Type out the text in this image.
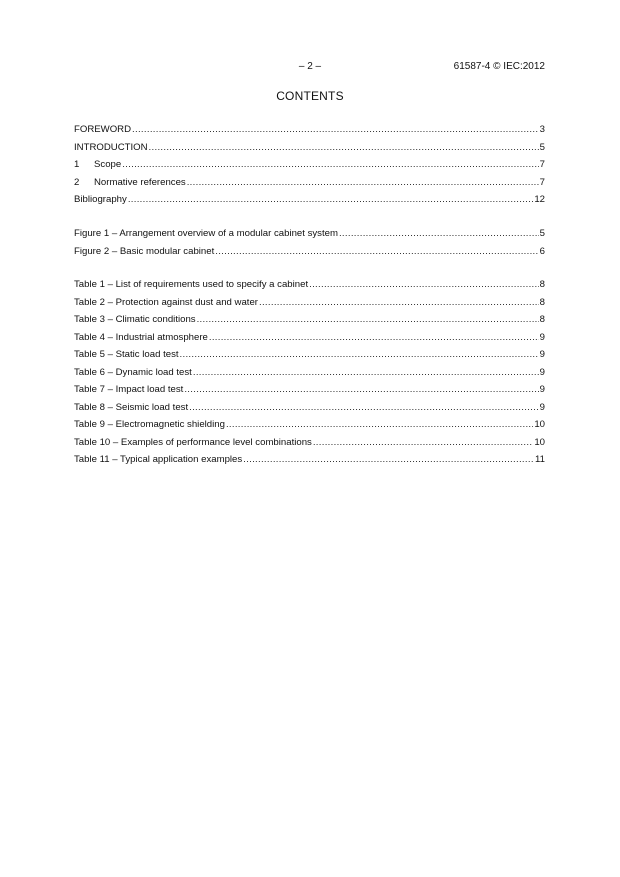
– 2 –	61587-4 © IEC:2012
CONTENTS
FOREWORD .....	3
INTRODUCTION .....	5
1	Scope .....	7
2	Normative references .....	7
Bibliography .....	12
Figure 1 – Arrangement overview of a modular cabinet system .....	5
Figure 2 – Basic modular cabinet .....	6
Table 1 – List of requirements used to specify a cabinet .....	8
Table 2 – Protection against dust and water .....	8
Table 3 – Climatic conditions .....	8
Table 4 – Industrial atmosphere .....	9
Table 5 – Static load test .....	9
Table 6 – Dynamic load test .....	9
Table 7 – Impact load test .....	9
Table 8 – Seismic load test .....	9
Table 9 – Electromagnetic shielding .....	10
Table 10 – Examples of performance level combinations .....	10
Table 11 – Typical application examples .....	11
